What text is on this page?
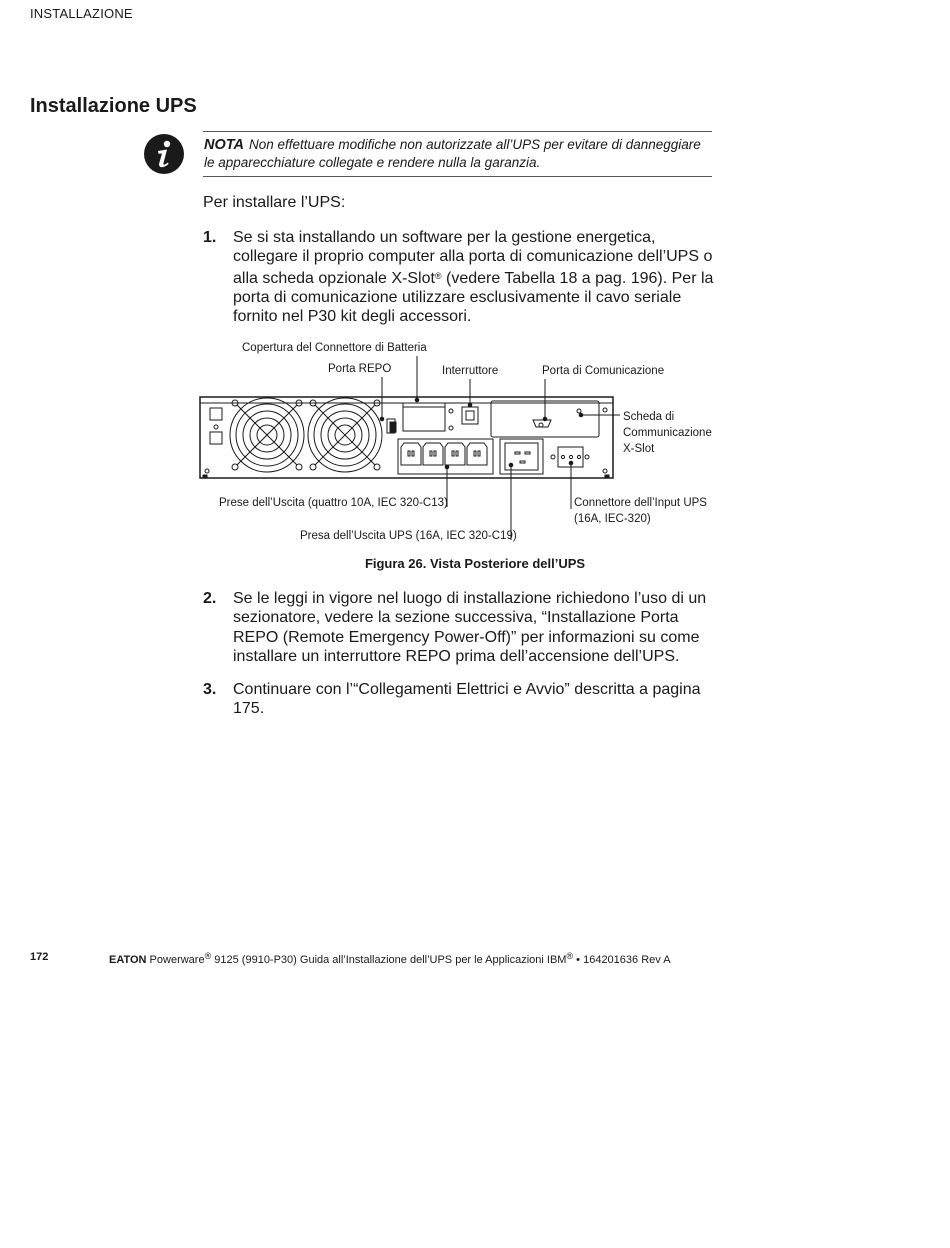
INSTALLAZIONE
Installazione UPS
NOTA Non effettuare modifiche non autorizzate all’UPS per evitare di danneggiare le apparecchiature collegate e rendere nulla la garanzia.
Per installare l’UPS:
1. Se si sta installando un software per la gestione energetica, collegare il proprio computer alla porta di comunicazione dell’UPS o alla scheda opzionale X-Slot® (vedere Tabella 18 a pag. 196). Per la porta di comunicazione utilizzare esclusivamente il cavo seriale fornito nel P30 kit degli accessori.
Copertura del Connettore di Batteria
Porta REPO	Interruttore	Porta di Comunicazione
Scheda di
Communicazione
X-Slot
Prese dell’Uscita (quattro 10A, IEC 320-C13)
Presa dell’Uscita UPS (16A, IEC 320-C19)
Connettore dell’Input UPS
(16A, IEC-320)
Figura 26. Vista Posteriore dell’UPS
2. Se le leggi in vigore nel luogo di installazione richiedono l’uso di un sezionatore, vedere la sezione successiva, “Installazione Porta REPO (Remote Emergency Power-Off)” per informazioni su come installare un interruttore REPO prima dell’accensione dell’UPS.
3. Continuare con l’“Collegamenti Elettrici e Avvio” descritta a pagina 175.
172	EATON Powerware® 9125 (9910-P30) Guida all’Installazione dell’UPS per le Applicazioni IBM® • 164201636 Rev A
